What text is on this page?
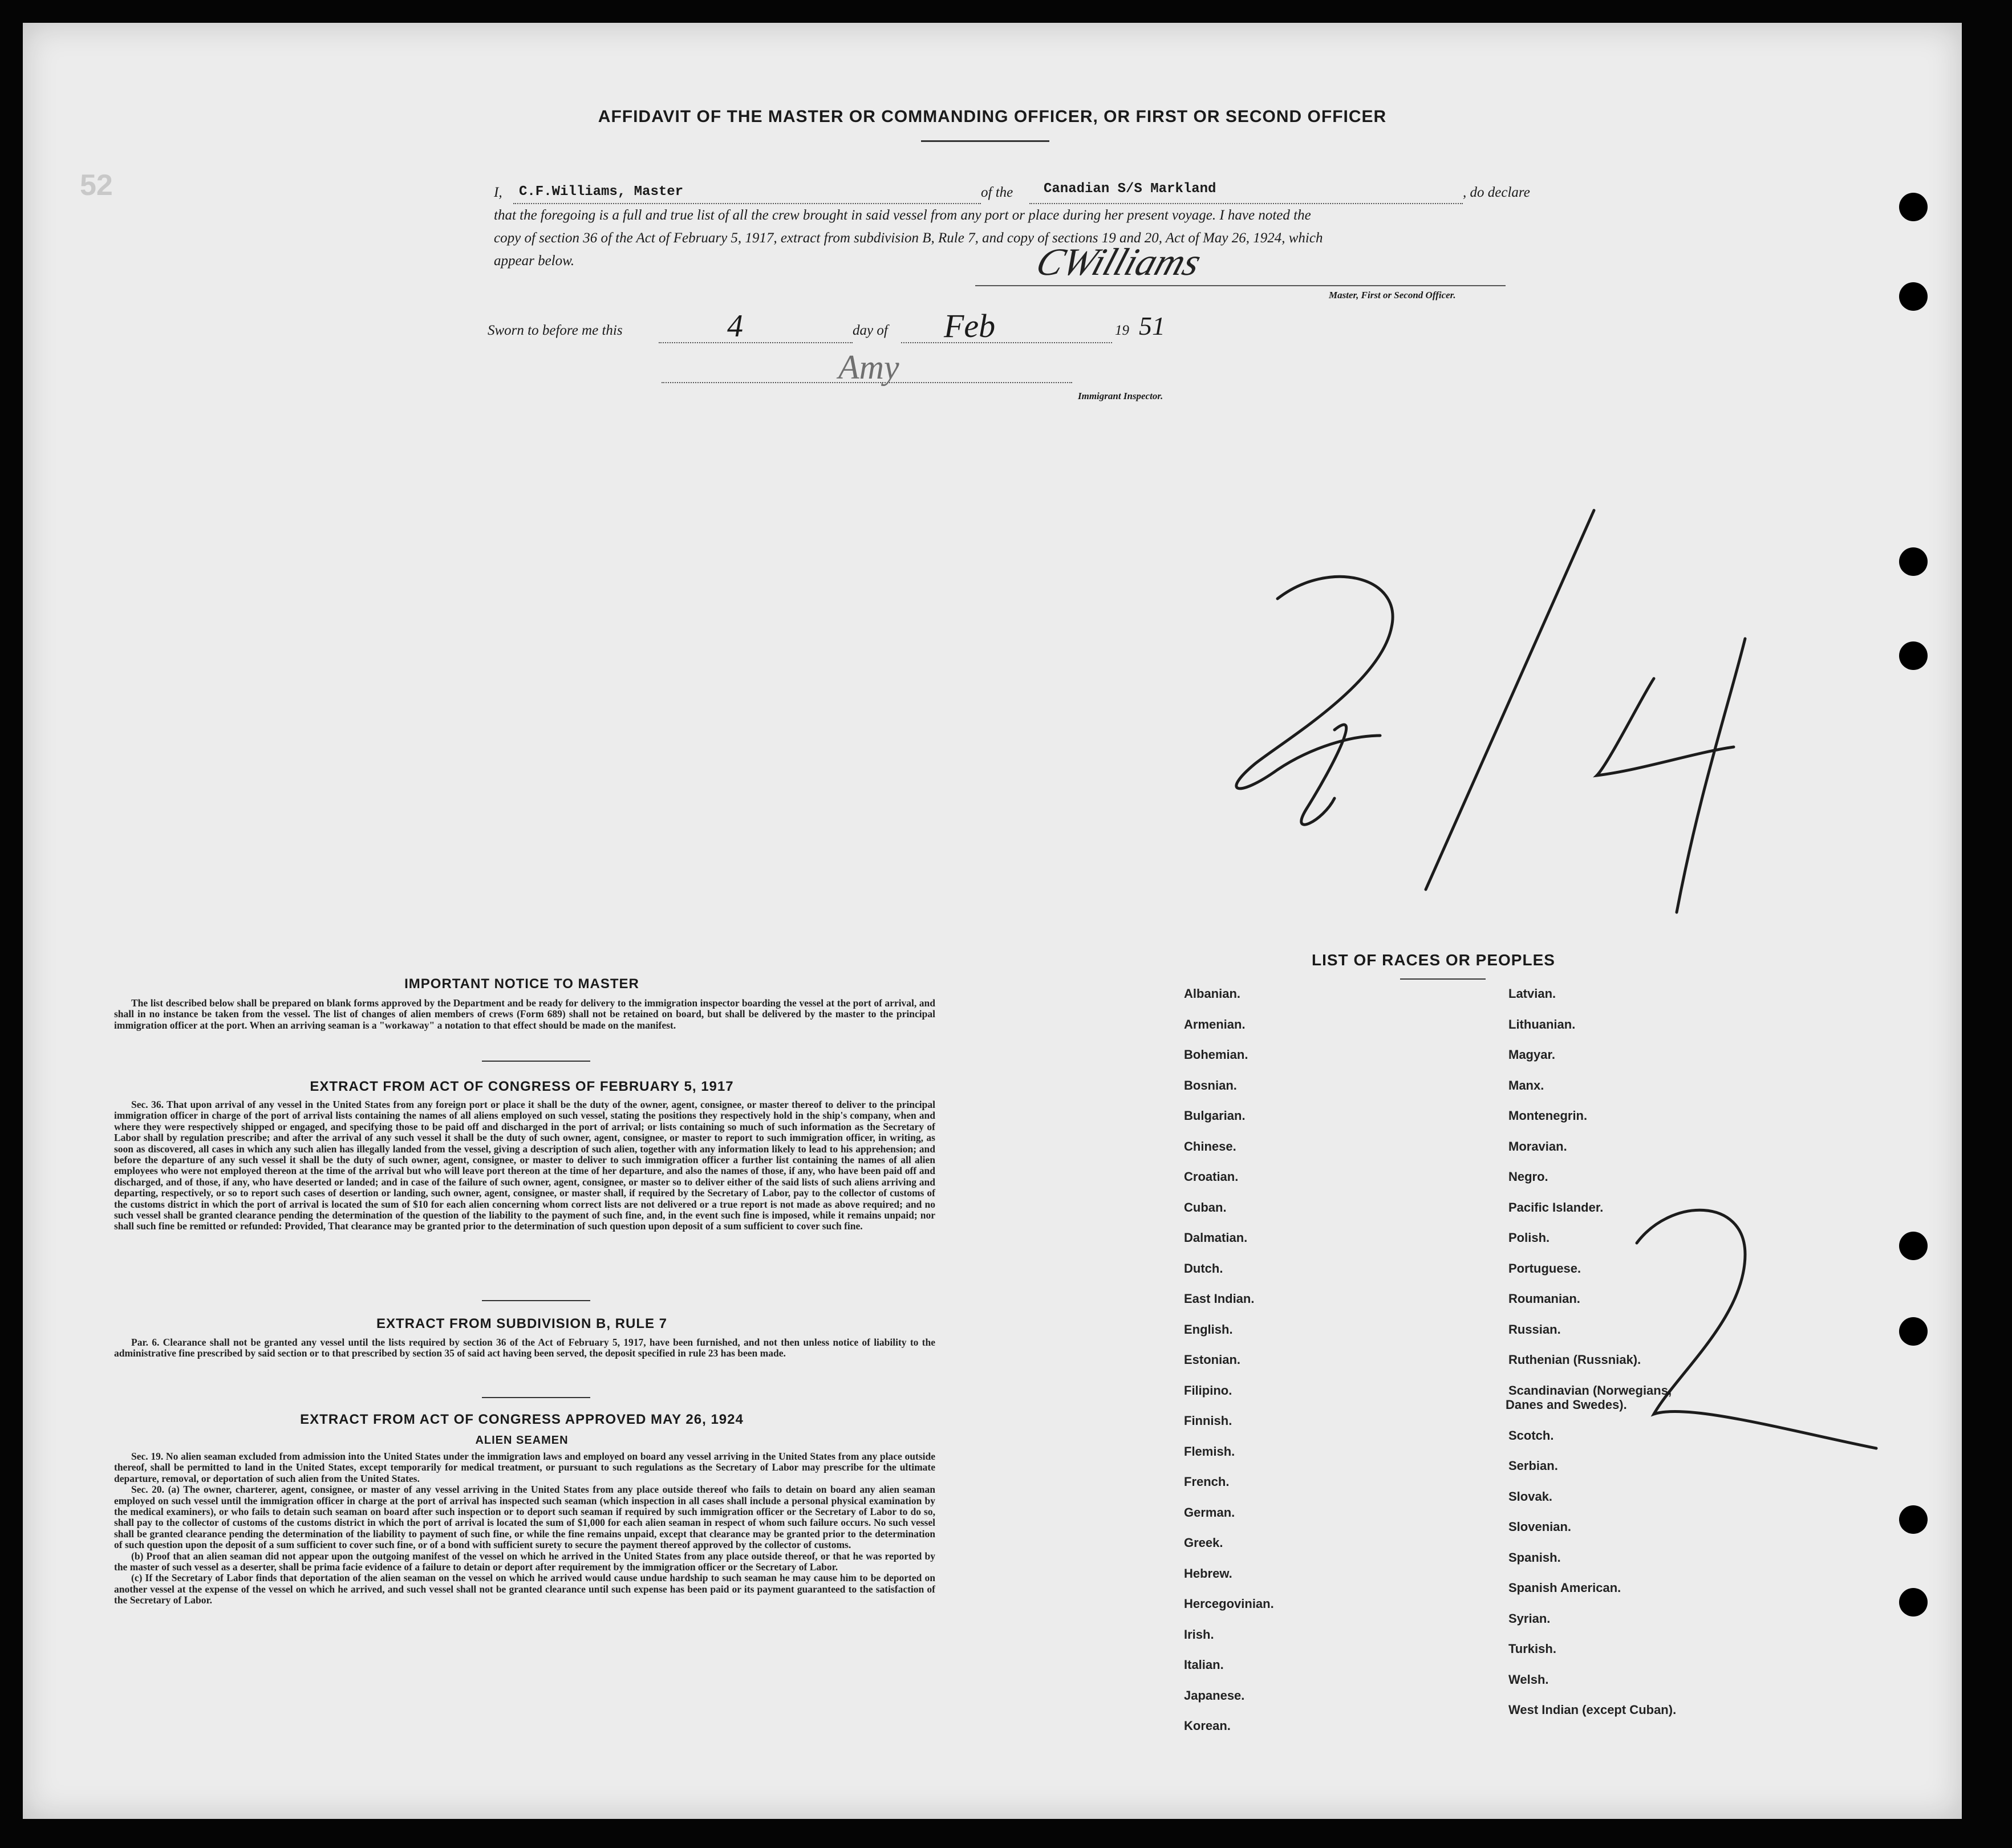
52
AFFIDAVIT OF THE MASTER OR COMMANDING OFFICER, OR FIRST OR SECOND OFFICER
I, C.F.Williams, Master	of the Canadian S/S Markland	, do declare
that the foregoing is a full and true list of all the crew brought in said vessel from any port or place during her present voyage. I have noted the
copy of section 36 of the Act of February 5, 1917, extract from subdivision B, Rule 7, and copy of sections 19 and 20, Act of May 26, 1924, which
appear below.	CWilliams
Master, First or Second Officer.
Sworn to before me this	4	day of Feb	19 51
Amy
Immigrant Inspector.

IMPORTANT NOTICE TO MASTER

The list described below shall be prepared on blank forms approved by the Department and be ready for delivery to the immigration inspector boarding the vessel at the port of arrival, and shall in no instance be taken from the vessel. The list of changes of alien members of crews (Form 689) shall not be retained on board, but shall be delivered by the master to the principal immigration officer at the port. When an arriving seaman is a "workaway" a notation to that effect should be made on the manifest.

EXTRACT FROM ACT OF CONGRESS OF FEBRUARY 5, 1917

Sec. 36. That upon arrival of any vessel in the United States from any foreign port or place it shall be the duty of the owner, agent, consignee, or master thereof to deliver to the principal immigration officer in charge of the port of arrival lists containing the names of all aliens employed on such vessel, stating the positions they respectively hold in the ship's company, when and where they were respectively shipped or engaged, and specifying those to be paid off and discharged in the port of arrival; or lists containing so much of such information as the Secretary of Labor shall by regulation prescribe; and after the arrival of any such vessel it shall be the duty of such owner, agent, consignee, or master to report to such immigration officer, in writing, as soon as discovered, all cases in which any such alien has illegally landed from the vessel, giving a description of such alien, together with any information likely to lead to his apprehension; and before the departure of any such vessel it shall be the duty of such owner, agent, consignee, or master to deliver to such immigration officer a further list containing the names of all alien employees who were not employed thereon at the time of the arrival but who will leave port thereon at the time of her departure, and also the names of those, if any, who have been paid off and discharged, and of those, if any, who have deserted or landed; and in case of the failure of such owner, agent, consignee, or master so to deliver either of the said lists of such aliens arriving and departing, respectively, or so to report such cases of desertion or landing, such owner, agent, consignee, or master shall, if required by the Secretary of Labor, pay to the collector of customs of the customs district in which the port of arrival is located the sum of $10 for each alien concerning whom correct lists are not delivered or a true report is not made as above required; and no such vessel shall be granted clearance pending the determination of the question of the liability to the payment of such fine, and, in the event such fine is imposed, while it remains unpaid; nor shall such fine be remitted or refunded: Provided, That clearance may be granted prior to the determination of such question upon deposit of a sum sufficient to cover such fine.

EXTRACT FROM SUBDIVISION B, RULE 7

Par. 6. Clearance shall not be granted any vessel until the lists required by section 36 of the Act of February 5, 1917, have been furnished, and not then unless notice of liability to the administrative fine prescribed by said section or to that prescribed by section 35 of said act having been served, the deposit specified in rule 23 has been made.

EXTRACT FROM ACT OF CONGRESS APPROVED MAY 26, 1924
ALIEN SEAMEN

Sec. 19. No alien seaman excluded from admission into the United States under the immigration laws and employed on board any vessel arriving in the United States from any place outside thereof, shall be permitted to land in the United States, except temporarily for medical treatment, or pursuant to such regulations as the Secretary of Labor may prescribe for the ultimate departure, removal, or deportation of such alien from the United States.

Sec. 20. (a) The owner, charterer, agent, consignee, or master of any vessel arriving in the United States from any place outside thereof who fails to detain on board any alien seaman employed on such vessel until the immigration officer in charge at the port of arrival has inspected such seaman (which inspection in all cases shall include a personal physical examination by the medical examiners), or who fails to detain such seaman on board after such inspection or to deport such seaman if required by such immigration officer or the Secretary of Labor to do so, shall pay to the collector of customs of the customs district in which the port of arrival is located the sum of $1,000 for each alien seaman in respect of whom such failure occurs. No such vessel shall be granted clearance pending the determination of the liability to payment of such fine, or while the fine remains unpaid, except that clearance may be granted prior to the determination of such question upon the deposit of a sum sufficient to cover such fine, or of a bond with sufficient surety to secure the payment thereof approved by the collector of customs.

(b) Proof that an alien seaman did not appear upon the outgoing manifest of the vessel on which he arrived in the United States from any place outside thereof, or that he was reported by the master of such vessel as a deserter, shall be prima facie evidence of a failure to detain or deport after requirement by the immigration officer or the Secretary of Labor.

(c) If the Secretary of Labor finds that deportation of the alien seaman on the vessel on which he arrived would cause undue hardship to such seaman he may cause him to be deported on another vessel at the expense of the vessel on which he arrived, and such vessel shall not be granted clearance until such expense has been paid or its payment guaranteed to the satisfaction of the Secretary of Labor.

LIST OF RACES OR PEOPLES
Albanian.
Armenian.
Bohemian.
Bosnian.
Bulgarian.
Chinese.
Croatian.
Cuban.
Dalmatian.
Dutch.
East Indian.
English.
Estonian.
Filipino.
Finnish.
Flemish.
French.
German.
Greek.
Hebrew.
Hercegovinian.
Irish.
Italian.
Japanese.
Korean.
Latvian.
Lithuanian.
Magyar.
Manx.
Montenegrin.
Moravian.
Negro.
Pacific Islander.
Polish.
Portuguese.
Roumanian.
Russian.
Ruthenian (Russniak).
Scandinavian (Norwegians,
Danes and Swedes).
Scotch.
Serbian.
Slovak.
Slovenian.
Spanish.
Spanish American.
Syrian.
Turkish.
Welsh.
West Indian (except Cuban).
